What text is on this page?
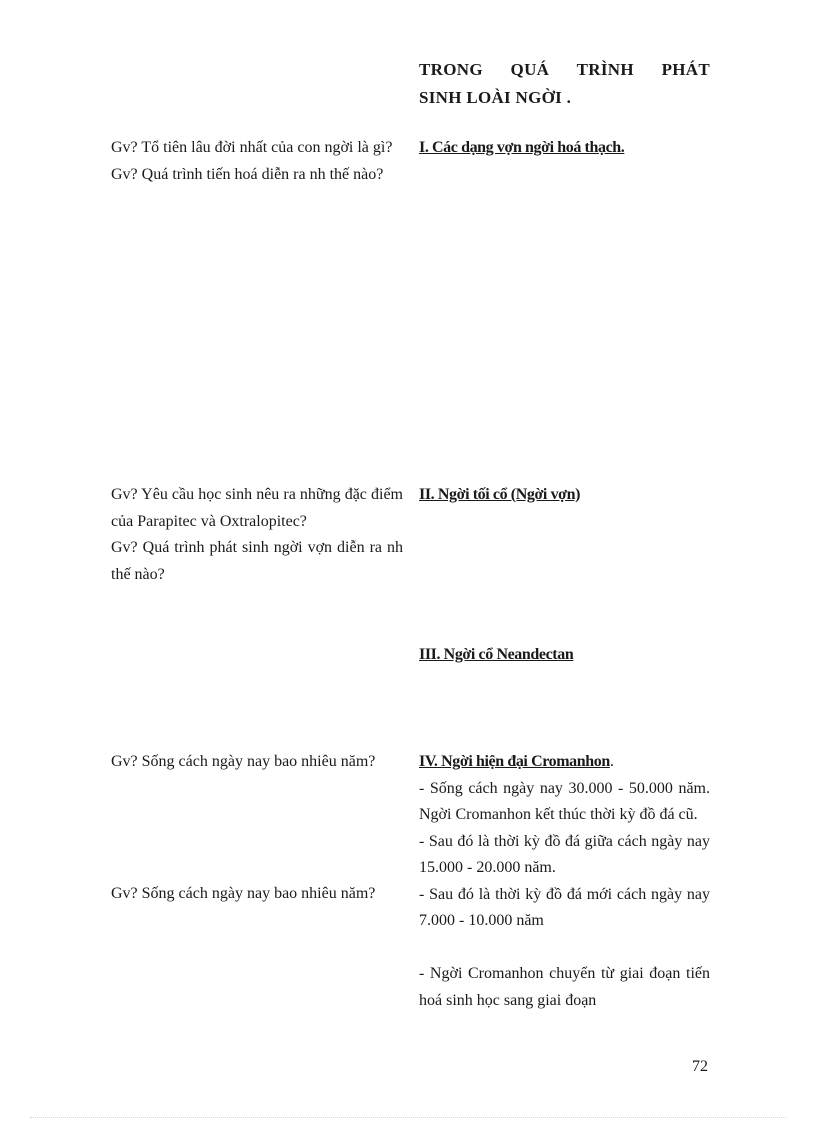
TRONG QUÁ TRÌNH PHÁT
SINH LOÀI NGỜI .
Gv? Tổ tiên lâu đời nhất của con ngời là gì?
Gv? Quá trình tiến hoá diễn ra nh thế nào?
I. Các dạng vợn ngời hoá thạch.
Gv? Yêu cầu học sinh nêu ra những đặc điểm của Parapitec và Oxtralopitec?
Gv? Quá trình phát sinh ngời vợn diễn ra nh thế nào?
II. Ngời tối cổ (Ngời vợn)
III. Ngời cổ Neandectan
Gv? Sống cách ngày nay bao nhiêu năm?
Gv? Sống cách ngày nay bao nhiêu năm?
IV. Ngời hiện đại Cromanhon.
- Sống cách ngày nay 30.000 - 50.000 năm. Ngời Cromanhon kết thúc thời kỳ đồ đá cũ.
- Sau đó là thời kỳ đồ đá giữa cách ngày nay 15.000 - 20.000 năm.
- Sau đó là thời kỳ đồ đá mới cách ngày nay 7.000 - 10.000 năm
- Ngời Cromanhon chuyển từ giai đoạn tiến hoá sinh học sang giai đoạn
72
